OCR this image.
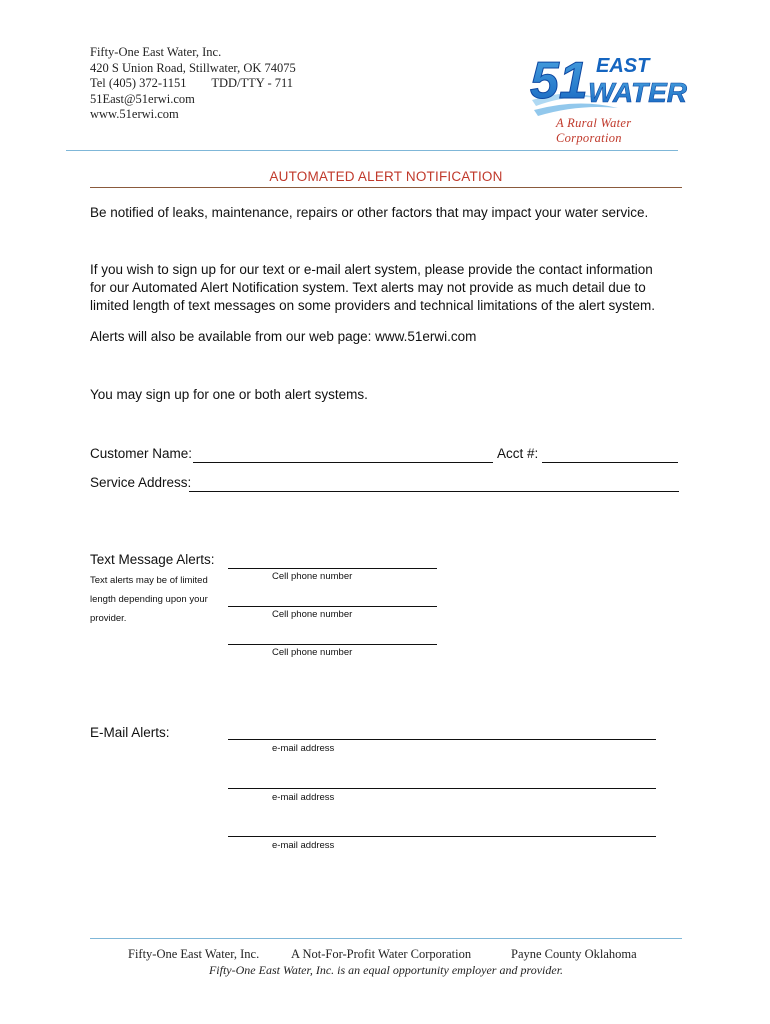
Fifty-One East Water, Inc.
420 S Union Road, Stillwater, OK 74075
Tel (405) 372-1151        TDD/TTY - 711
51East@51erwi.com
www.51erwi.com
51 EAST
WATER
A Rural Water Corporation
AUTOMATED ALERT NOTIFICATION
Be notified of leaks, maintenance, repairs or other factors that may impact your water service.
If you wish to sign up for our text or e-mail alert system, please provide the contact information
for our Automated Alert Notification system. Text alerts may not provide as much detail due to
limited length of text messages on some providers and technical limitations of the alert system.
Alerts will also be available from our web page: www.51erwi.com
You may sign up for one or both alert systems.
Customer Name:	Acct #:
Service Address:
Text Message Alerts:
Text alerts may be of limited
length depending upon your
provider.
Cell phone number
Cell phone number
Cell phone number
E-Mail Alerts:
e-mail address
e-mail address
e-mail address
Fifty-One East Water, Inc.	A Not-For-Profit Water Corporation	Payne County Oklahoma
Fifty-One East Water, Inc. is an equal opportunity employer and provider.
